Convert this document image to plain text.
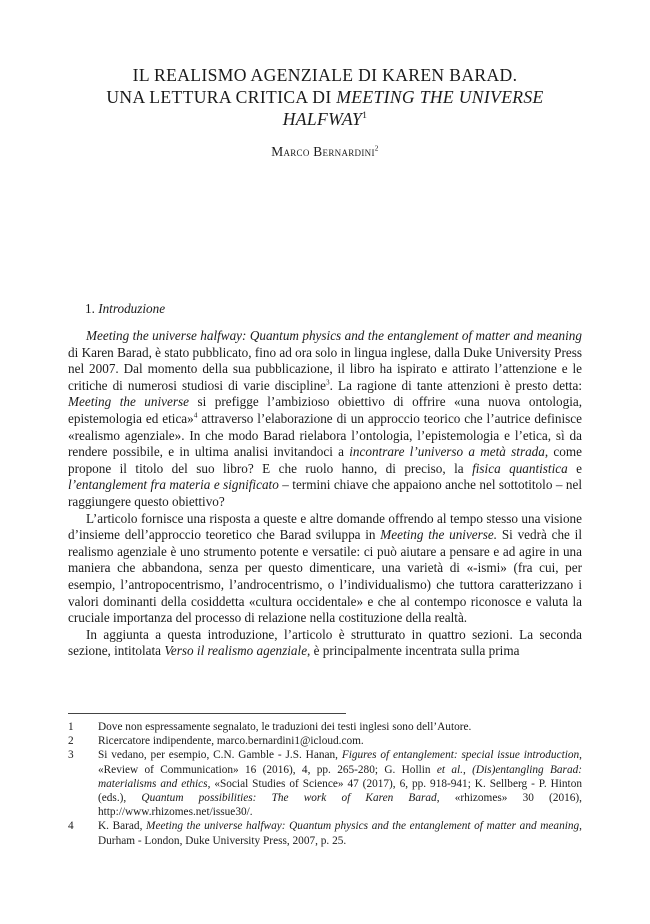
IL REALISMO AGENZIALE DI KAREN BARAD.
UNA LETTURA CRITICA DI MEETING THE UNIVERSE
HALFWAY$^1$

Marco Bernardini$^2$

1. Introduzione

Meeting the universe halfway: Quantum physics and the entanglement of matter and meaning di Karen Barad, è stato pubblicato, fino ad ora solo in lingua inglese, dalla Duke University Press nel 2007. Dal momento della sua pubblicazione, il libro ha ispirato e attirato l’attenzione e le critiche di numerosi studiosi di varie discipline$^3$. La ragione di tante attenzioni è presto detta: Meeting the universe si prefigge l’ambizioso obiettivo di offrire «una nuova ontologia, epistemologia ed etica»$^4$ attraverso l’elaborazione di un approccio teorico che l’autrice definisce «realismo agenziale». In che modo Barad rielabora l’ontologia, l’epistemologia e l’etica, sì da rendere possibile, e in ultima analisi invitandoci a incontrare l’universo a metà strada, come propone il titolo del suo libro? E che ruolo hanno, di preciso, la fisica quantistica e l’entanglement fra materia e significato – termini chiave che appaiono anche nel sottotitolo – nel raggiungere questo obiettivo?

L’articolo fornisce una risposta a queste e altre domande offrendo al tempo stesso una visione d’insieme dell’approccio teoretico che Barad sviluppa in Meeting the universe. Si vedrà che il realismo agenziale è uno strumento potente e versatile: ci può aiutare a pensare e ad agire in una maniera che abbandona, senza per questo dimenticare, una varietà di «-ismi» (fra cui, per esempio, l’antropocentrismo, l’androcentrismo, o l’individualismo) che tuttora caratterizzano i valori dominanti della cosiddetta «cultura occidentale» e che al contempo riconosce e valuta la cruciale importanza del processo di relazione nella costituzione della realtà.

In aggiunta a questa introduzione, l’articolo è strutturato in quattro sezioni. La seconda sezione, intitolata Verso il realismo agenziale, è principalmente incentrata sulla prima

1	Dove non espressamente segnalato, le traduzioni dei testi inglesi sono dell’Autore.
2	Ricercatore indipendente, marco.bernardini1@icloud.com.
3	Si vedano, per esempio, C.N. Gamble - J.S. Hanan, Figures of entanglement: special issue introduction, «Review of Communication» 16 (2016), 4, pp. 265-280; G. Hollin et al., (Dis)entangling Barad: materialisms and ethics, «Social Studies of Science» 47 (2017), 6, pp. 918-941; K. Sellberg - P. Hinton (eds.), Quantum possibilities: The work of Karen Barad, «rhizomes» 30 (2016), http://www.rhizomes.net/issue30/.
4	K. Barad, Meeting the universe halfway: Quantum physics and the entanglement of matter and meaning, Durham - London, Duke University Press, 2007, p. 25.
